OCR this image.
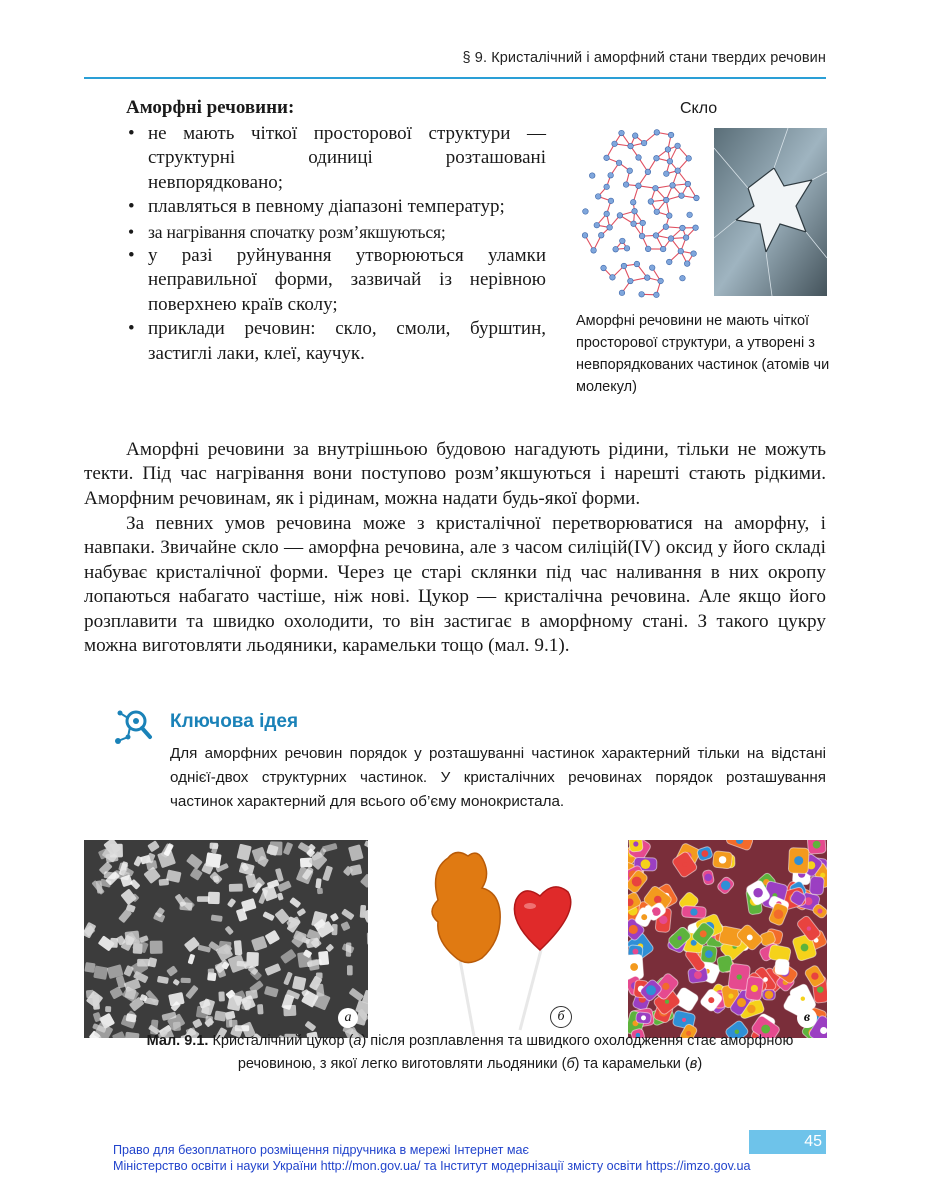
§ 9. Кристалічний і аморфний стани твердих речовин
Аморфні речовини:
• не мають чіткої просторової структури — структурні одиниці розташовані невпорядковано;
• плавляться в певному діапазоні температур;
• за нагрівання спочатку розм’якшуються;
• у разі руйнування утворюються уламки неправильної форми, зазвичай із нерівною поверхнею країв сколу;
• приклади речовин: скло, смоли, бурштин, застиглі лаки, клеї, каучук.
Скло
Аморфні речовини не мають чіткої просторової структури, а утворені з невпорядкованих частинок (атомів чи молекул)

Аморфні речовини за внутрішньою будовою нагадують рідини, тільки не можуть текти. Під час нагрівання вони поступово розм’якшуються і нарешті стають рідкими. Аморфним речовинам, як і рідинам, можна надати будь-якої форми.

За певних умов речовина може з кристалічної перетворюватися на аморфну, і навпаки. Звичайне скло — аморфна речовина, але з часом силіцій(IV) оксид у його складі набуває кристалічної форми. Через це старі склянки під час наливання в них окропу лопаються набагато частіше, ніж нові. Цукор — кристалічна речовина. Але якщо його розплавити та швидко охолодити, то він застигає в аморфному стані. З такого цукру можна виготовляти льодяники, карамельки тощо (мал. 9.1).

Ключова ідея

Для аморфних речовин порядок у розташуванні частинок характерний тільки на відстані однієї-двох структурних частинок. У кристалічних речовинах порядок розташування частинок характерний для всього об’єму монокристала.

а	б	в
Мал. 9.1. Кристалічний цукор (а) після розплавлення та швидкого охолодження стає аморфною речовиною, з якої легко виготовляти льодяники (б) та карамельки (в)
45
Право для безоплатного розміщення підручника в мережі Інтернет має
Міністерство освіти і науки України http://mon.gov.ua/ та Інститут модернізації змісту освіти https://imzo.gov.ua
